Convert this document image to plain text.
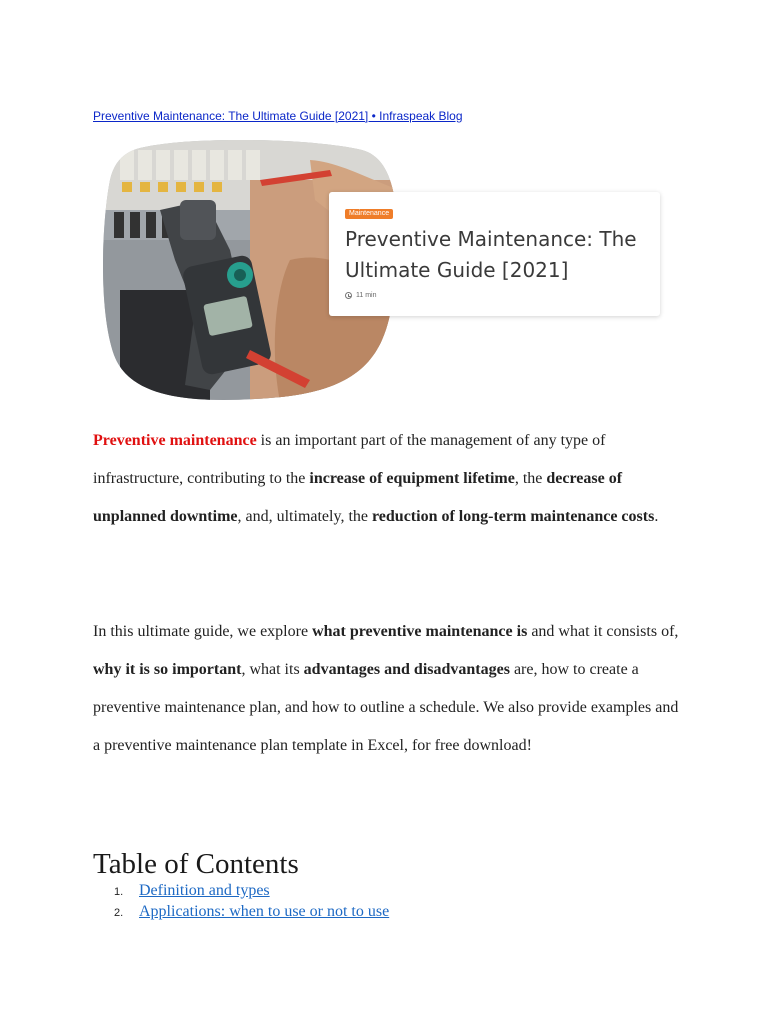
Preventive Maintenance: The Ultimate Guide [2021] • Infraspeak Blog
Maintenance
Preventive Maintenance: The Ultimate Guide [2021]
11 min

Preventive maintenance is an important part of the management of any type of infrastructure, contributing to the increase of equipment lifetime, the decrease of unplanned downtime, and, ultimately, the reduction of long-term maintenance costs.

In this ultimate guide, we explore what preventive maintenance is and what it consists of, why it is so important, what its advantages and disadvantages are, how to create a preventive maintenance plan, and how to outline a schedule. We also provide examples and a preventive maintenance plan template in Excel, for free download!

Table of Contents
1. Definition and types
2. Applications: when to use or not to use
